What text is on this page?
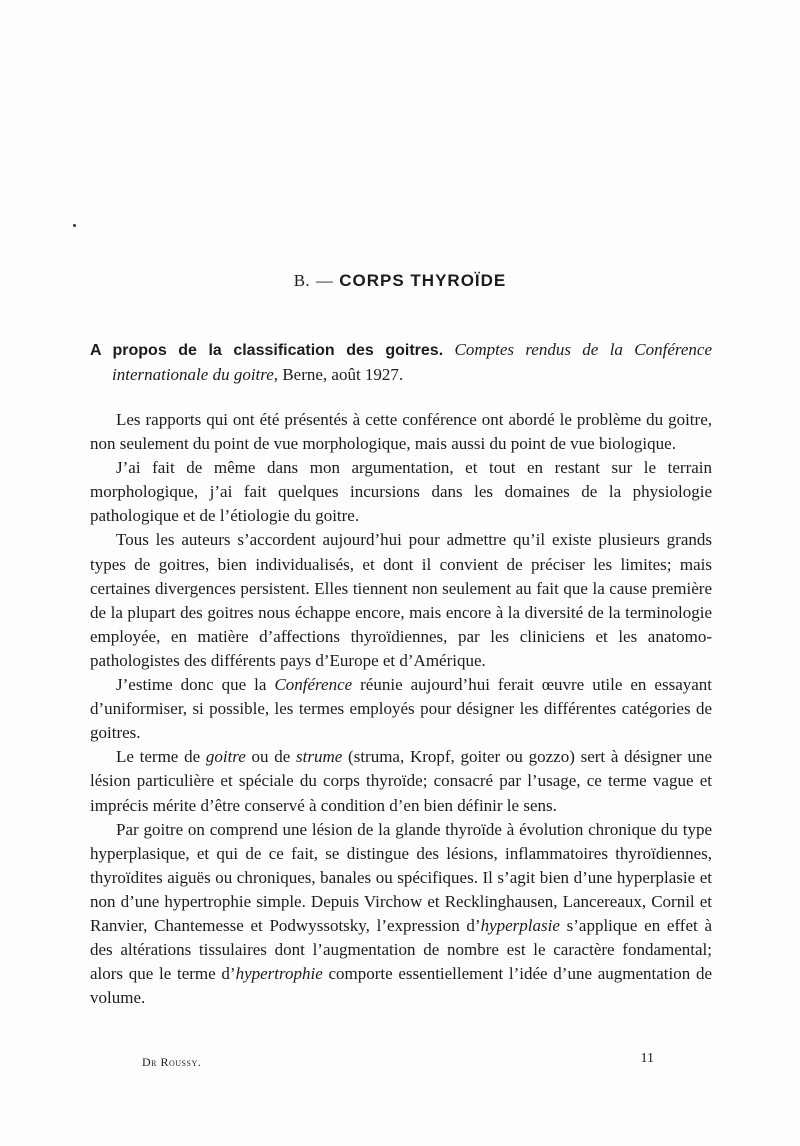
B. — CORPS THYROÏDE
A propos de la classification des goitres. Comptes rendus de la Conférence internationale du goitre, Berne, août 1927.

Les rapports qui ont été présentés à cette conférence ont abordé le problème du goitre, non seulement du point de vue morphologique, mais aussi du point de vue biologique.

J’ai fait de même dans mon argumentation, et tout en restant sur le terrain morphologique, j’ai fait quelques incursions dans les domaines de la physiologie pathologique et de l’étiologie du goitre.

Tous les auteurs s’accordent aujourd’hui pour admettre qu’il existe plusieurs grands types de goitres, bien individualisés, et dont il convient de préciser les limites; mais certaines divergences persistent. Elles tiennent non seulement au fait que la cause première de la plupart des goitres nous échappe encore, mais encore à la diversité de la terminologie employée, en matière d’affections thyroïdiennes, par les cliniciens et les anatomo-pathologistes des différents pays d’Europe et d’Amérique.

J’estime donc que la Conférence réunie aujourd’hui ferait œuvre utile en essayant d’uniformiser, si possible, les termes employés pour désigner les différentes catégories de goitres.

Le terme de goitre ou de strume (struma, Kropf, goiter ou gozzo) sert à désigner une lésion particulière et spéciale du corps thyroïde; consacré par l’usage, ce terme vague et imprécis mérite d’être conservé à condition d’en bien définir le sens.

Par goitre on comprend une lésion de la glande thyroïde à évolution chronique du type hyperplasique, et qui de ce fait, se distingue des lésions, inflammatoires thyroïdiennes, thyroïdites aiguës ou chroniques, banales ou spécifiques. Il s’agit bien d’une hyperplasie et non d’une hypertrophie simple. Depuis Virchow et Recklinghausen, Lancereaux, Cornil et Ranvier, Chantemesse et Podwyssotsky, l’expression d’hyperplasie s’applique en effet à des altérations tissulaires dont l’augmentation de nombre est le caractère fondamental; alors que le terme d’hypertrophie comporte essentiellement l’idée d’une augmentation de volume.

Dr Roussy.	11
